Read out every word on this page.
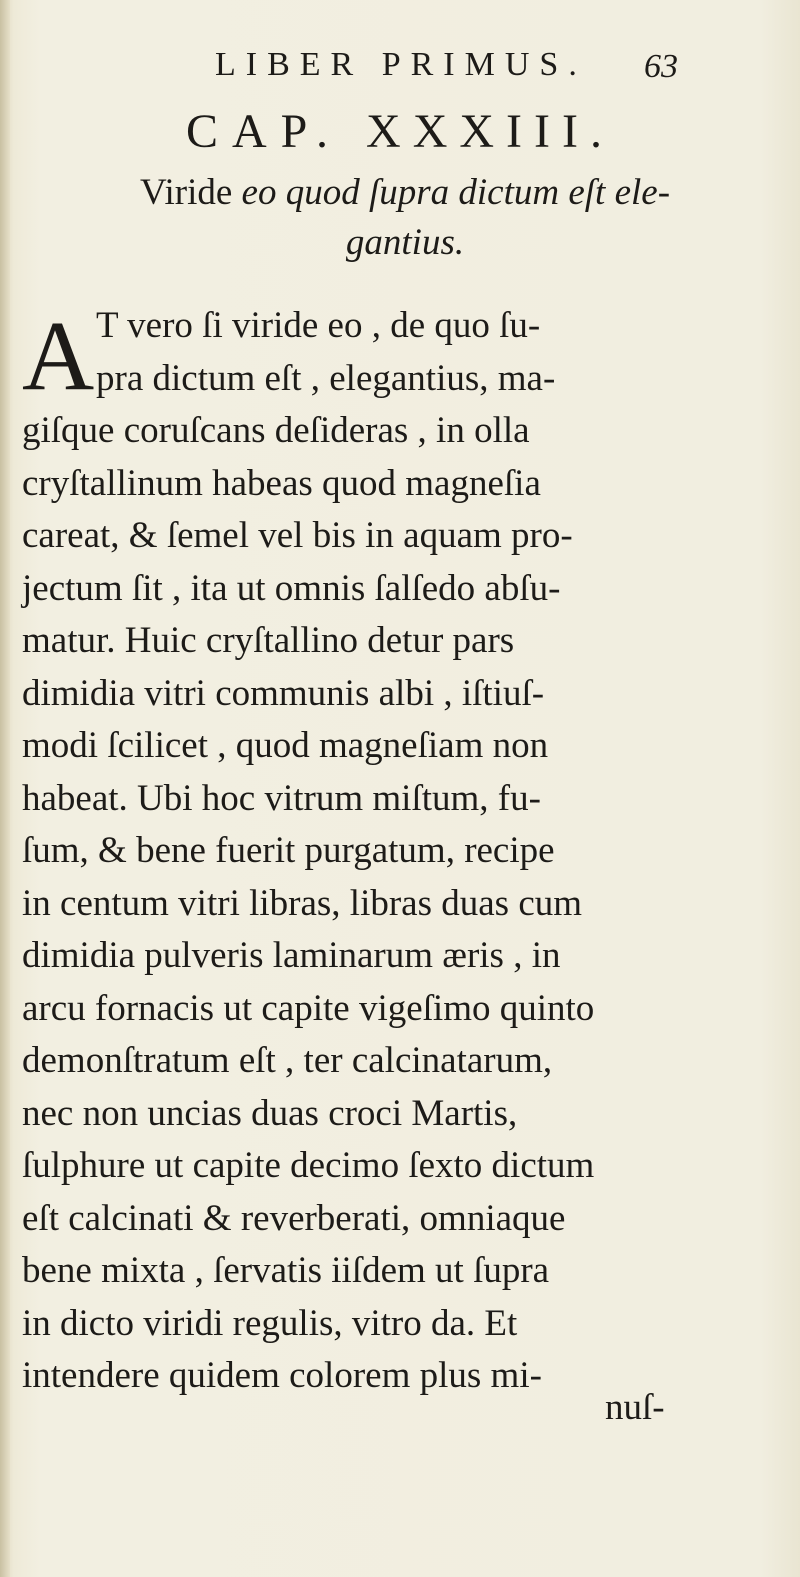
LIBER PRIMUS. 63
CAP. XXXIII.
Viride eo quod ſupra dictum eſt ele-
gantius.
A T vero ſi viride eo , de quo ſu-
pra dictum eſt , elegantius, ma-
giſque coruſcans deſideras , in olla
cryſtallinum habeas quod magneſia
careat, & ſemel vel bis in aquam pro-
jectum ſit , ita ut omnis ſalſedo abſu-
matur. Huic cryſtallino detur pars
dimidia vitri communis albi , iſtiuſ-
modi ſcilicet , quod magneſiam non
habeat. Ubi hoc vitrum miſtum, fu-
ſum, & bene fuerit purgatum, recipe
in centum vitri libras, libras duas cum
dimidia pulveris laminarum æris , in
arcu fornacis ut capite vigeſimo quinto
demonſtratum eſt , ter calcinatarum,
nec non uncias duas croci Martis,
ſulphure ut capite decimo ſexto dictum
eſt calcinati & reverberati, omniaque
bene mixta , ſervatis iiſdem ut ſupra
in dicto viridi regulis, vitro da. Et
intendere quidem colorem plus mi-
nuſ-
